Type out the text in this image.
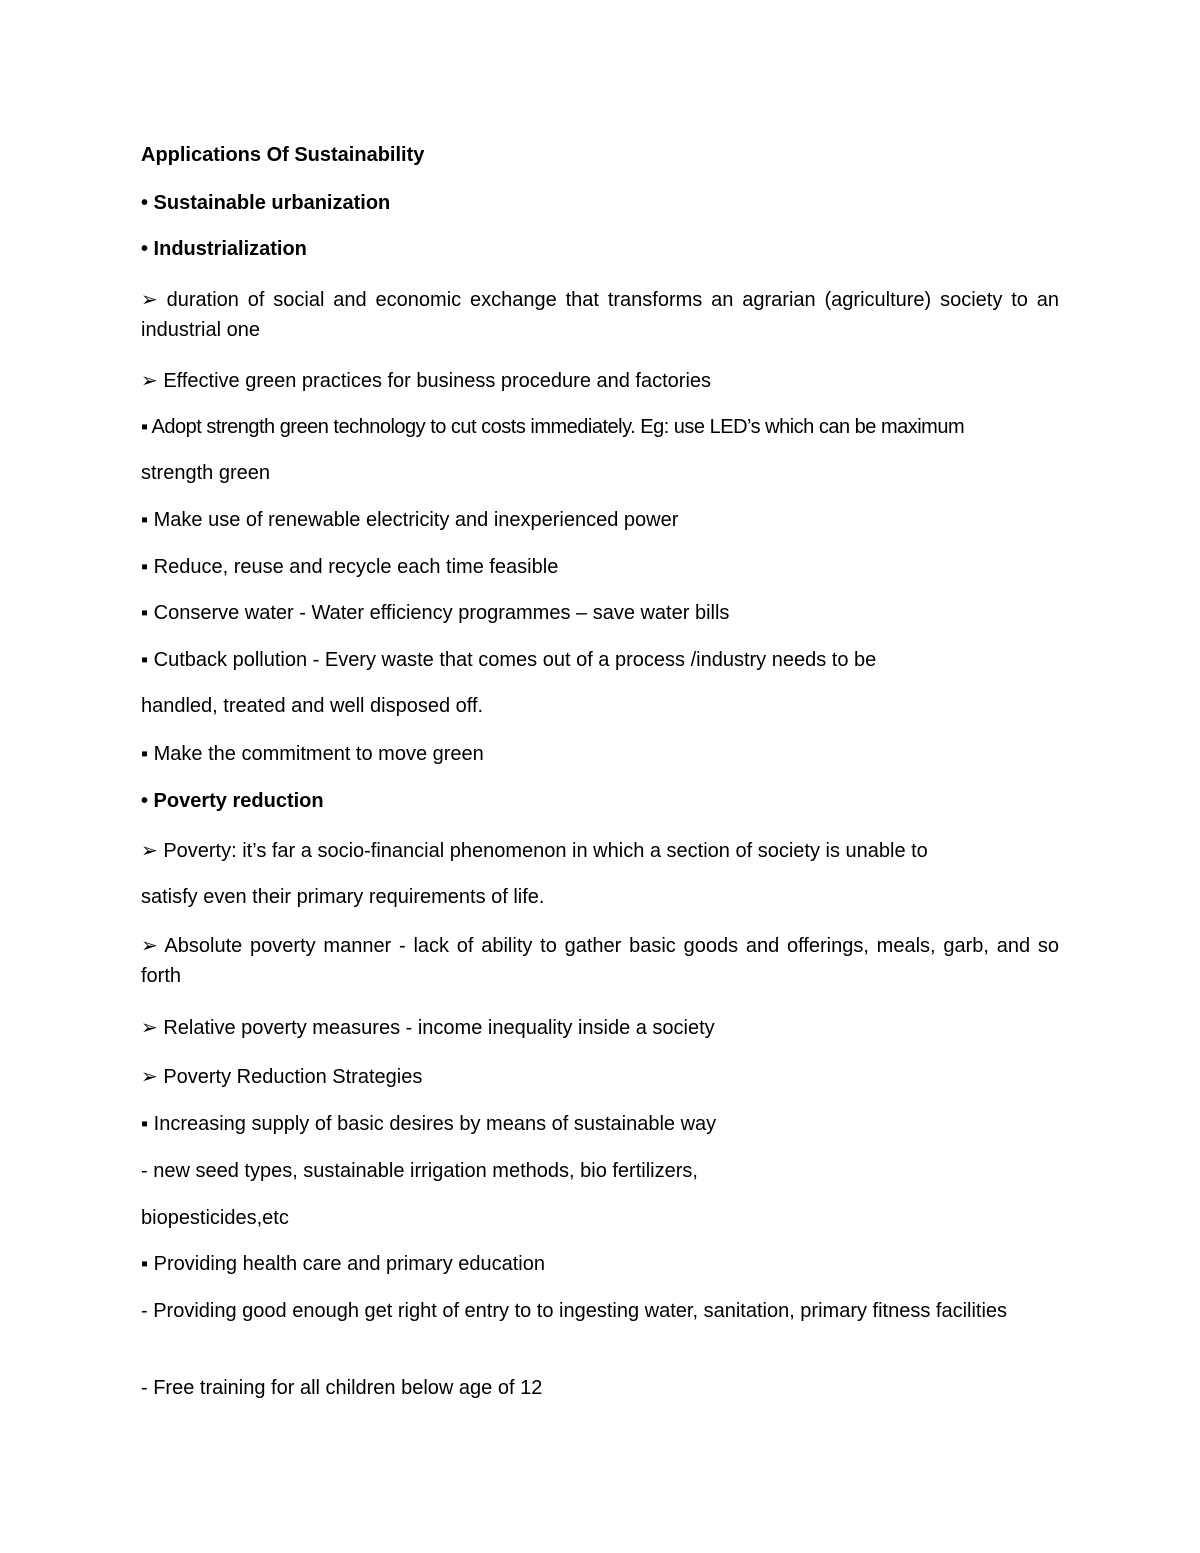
Applications Of Sustainability

• Sustainable urbanization

• Industrialization

➢ duration of social and economic exchange that transforms an agrarian (agriculture) society to an industrial one

➢ Effective green practices for business procedure and factories

▪ Adopt strength green technology to cut costs immediately. Eg: use LED’s which can be maximum

strength green

▪ Make use of renewable electricity and inexperienced power

▪ Reduce, reuse and recycle each time feasible

▪ Conserve water - Water efficiency programmes – save water bills

▪ Cutback pollution - Every waste that comes out of a process /industry needs to be

handled, treated and well disposed off.

▪ Make the commitment to move green

• Poverty reduction

➢ Poverty: it’s far a socio-financial phenomenon in which a section of society is unable to

satisfy even their primary requirements of life.

➢ Absolute poverty manner - lack of ability to gather basic goods and offerings, meals, garb, and so forth

➢ Relative poverty measures - income inequality inside a society

➢ Poverty Reduction Strategies

▪ Increasing supply of basic desires by means of sustainable way

- new seed types, sustainable irrigation methods, bio fertilizers,

biopesticides,etc

▪ Providing health care and primary education

- Providing good enough get right of entry to to ingesting water, sanitation, primary fitness facilities

- Free training for all children below age of 12
